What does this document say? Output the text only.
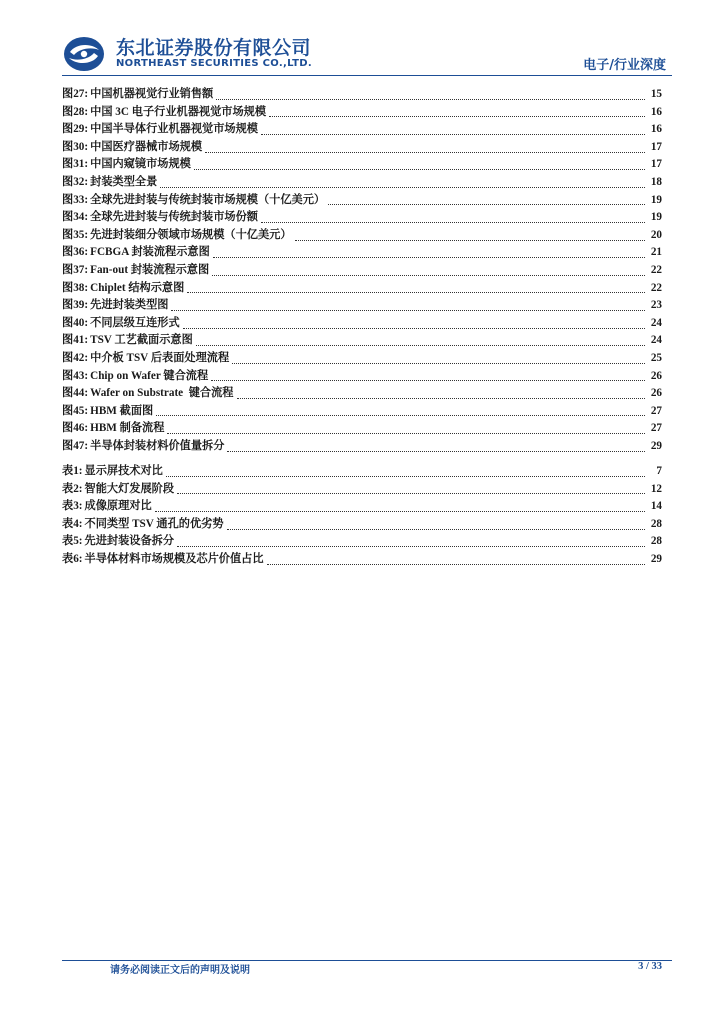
东北证券股份有限公司
NORTHEAST SECURITIES CO.,LTD.	电子/行业深度
图 27: 中国机器视觉行业销售额	15
图 28: 中国 3C 电子行业机器视觉市场规模	16
图 29: 中国半导体行业机器视觉市场规模	16
图 30: 中国医疗器械市场规模	17
图 31: 中国内窥镜市场规模	17
图 32: 封装类型全景	18
图 33: 全球先进封装与传统封装市场规模（十亿美元）	19
图 34: 全球先进封装与传统封装市场份额	19
图 35: 先进封装细分领域市场规模（十亿美元）	20
图 36: FCBGA 封装流程示意图	21
图 37: Fan-out 封装流程示意图	22
图 38: Chiplet 结构示意图	22
图 39: 先进封装类型图	23
图 40: 不同层级互连形式	24
图 41: TSV 工艺截面示意图	24
图 42: 中介板 TSV 后表面处理流程	25
图 43: Chip on Wafer 键合流程	26
图 44: Wafer on Substrate  键合流程	26
图 45: HBM 截面图	27
图 46: HBM 制备流程	27
图 47: 半导体封装材料价值量拆分	29
表 1: 显示屏技术对比	7
表 2: 智能大灯发展阶段	12
表 3: 成像原理对比	14
表 4: 不同类型 TSV 通孔的优劣势	28
表 5: 先进封装设备拆分	28
表 6: 半导体材料市场规模及芯片价值占比	29
请务必阅读正文后的声明及说明	3 / 33
